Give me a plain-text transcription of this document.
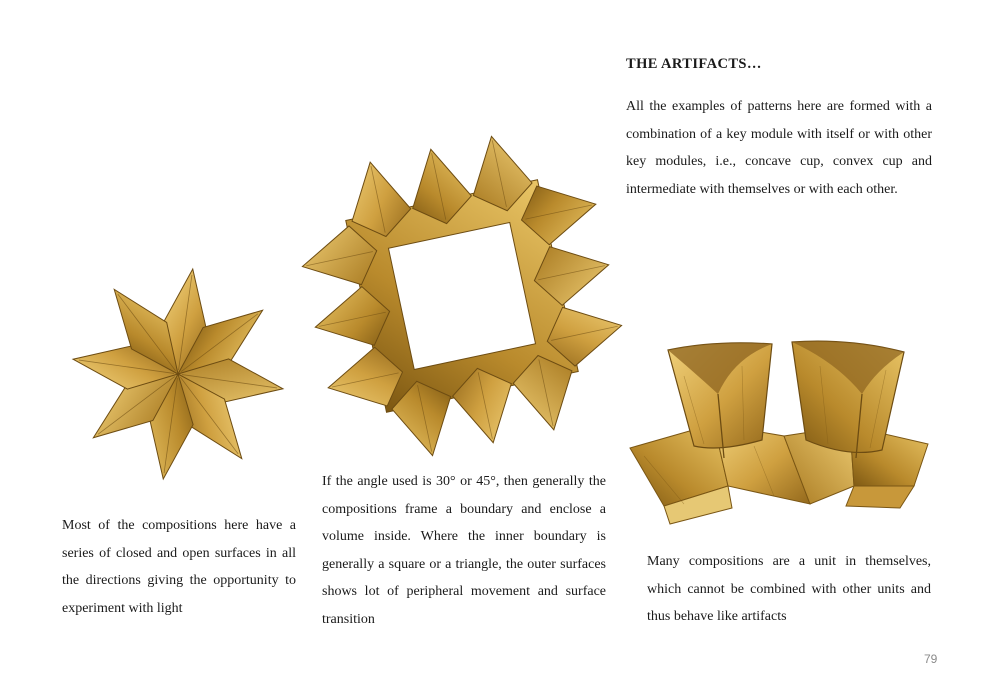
THE ARTIFACTS…

All the examples of patterns here are formed with a combination of a key module with itself or with other key modules, i.e., concave cup, convex cup and intermediate with themselves or with each other.

Most of the compositions here have a series of closed and open surfaces in all the directions giving the opportunity to experiment with light

If the angle used is 30° or 45°, then generally the compositions frame a boundary and enclose a volume inside. Where the inner boundary is generally a square or a triangle, the outer surfaces shows lot of peripheral movement and surface transition

Many compositions are a unit in themselves, which cannot be combined with other units and thus behave like artifacts

79
